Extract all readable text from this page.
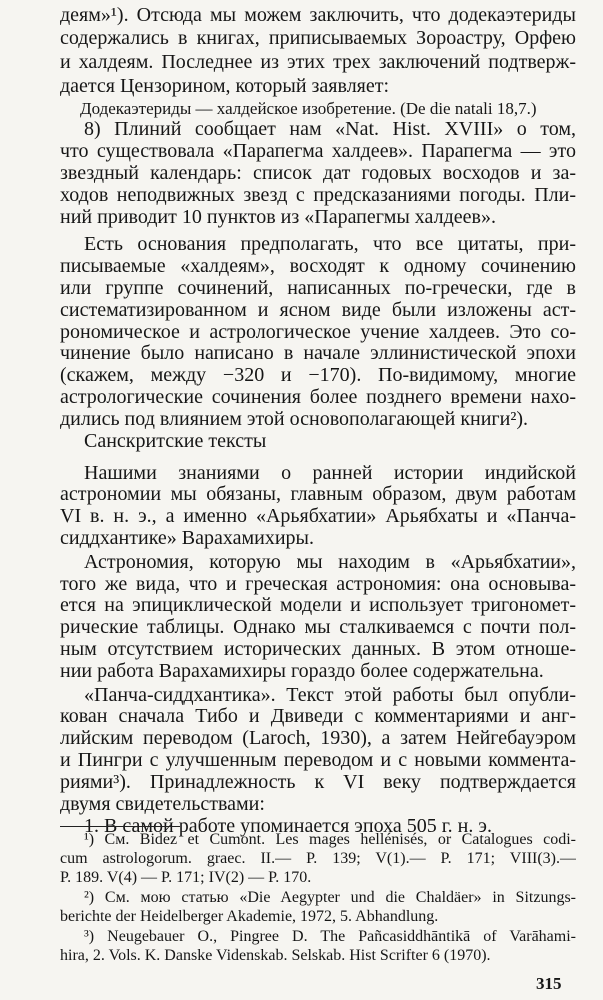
деям»¹). Отсюда мы можем заключить, что додекаэтериды
содержались в книгах, приписываемых Зороастру, Орфею
и халдеям. Последнее из этих трех заключений подтверж-
дается Цензорином, который заявляет:
Додекаэтериды — халдейское изобретение. (De die natali 18,7.)
8) Плиний сообщает нам «Nat. Hist. XVIII» о том,
что существовала «Парапегма халдеев». Парапегма — это
звездный календарь: список дат годовых восходов и за-
ходов неподвижных звезд с предсказаниями погоды. Пли-
ний приводит 10 пунктов из «Парапегмы халдеев».
Есть основания предполагать, что все цитаты, при-
писываемые «халдеям», восходят к одному сочинению
или группе сочинений, написанных по-гречески, где в
систематизированном и ясном виде были изложены аст-
рономическое и астрологическое учение халдеев. Это со-
чинение было написано в начале эллинистической эпохи
(скажем, между −320 и −170). По-видимому, многие
астрологические сочинения более позднего времени нахо-
дились под влиянием этой основополагающей книги²).
Нашими знаниями о ранней истории индийской
астрономии мы обязаны, главным образом, двум работам
VI в. н. э., а именно «Арьябхатии» Арьябхаты и «Панча-
сиддхантике» Варахамихиры.
Астрономия, которую мы находим в «Арьябхатии»,
того же вида, что и греческая астрономия: она основыва-
ется на эпициклической модели и использует тригономет-
рические таблицы. Однако мы сталкиваемся с почти пол-
ным отсутствием исторических данных. В этом отноше-
нии работа Варахамихиры гораздо более содержательна.
«Панча-сиддхантика». Текст этой работы был опубли-
кован сначала Тибо и Двиведи с комментариями и анг-
лийским переводом (Laroch, 1930), а затем Нейгебауэром
и Пингри с улучшенным переводом и с новыми коммента-
риями³). Принадлежность к VI веку подтверждается
двумя свидетельствами:
1. В самой работе упоминается эпоха 505 г. н. э.
Санскритские тексты
¹) См. Bidez et Cumont. Les mages hellénisés, or Catalogues codi-
cum astrologorum. graec. II.— P. 139; V(1).— P. 171; VIII(3).—
P. 189. V(4) — P. 171; IV(2) — P. 170.
²) См. мою статью «Die Aegypter und die Chaldäer» in Sitzungs-
berichte der Heidelberger Akademie, 1972, 5. Abhandlung.
³) Neugebauer O., Pingree D. The Pañcasiddhāntikā of Varāhami-
hira, 2. Vols. K. Danske Videnskab. Selskab. Hist Scrifter 6 (1970).
315
